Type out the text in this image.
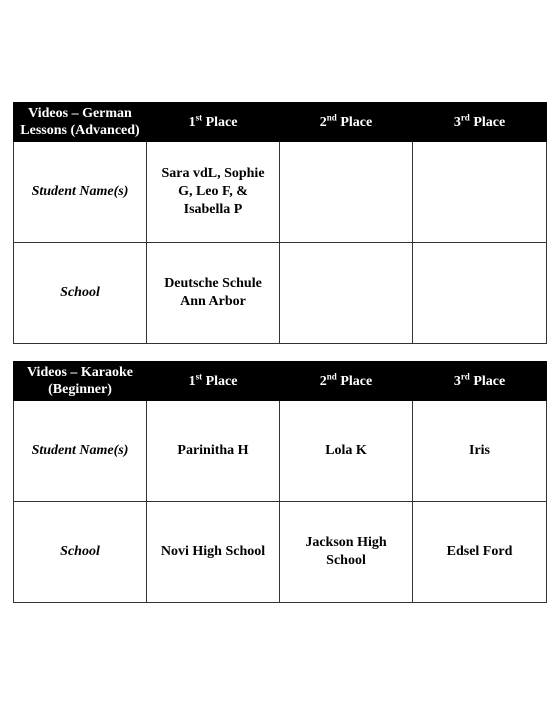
Videos – German Lessons (Advanced)	1st Place	2nd Place	3rd Place
Student Name(s)	Sara vdL, Sophie G, Leo F, & Isabella P		
School	Deutsche Schule Ann Arbor		
Videos – Karaoke (Beginner)	1st Place	2nd Place	3rd Place
Student Name(s)	Parinitha H	Lola K	Iris
School	Novi High School	Jackson High School	Edsel Ford
